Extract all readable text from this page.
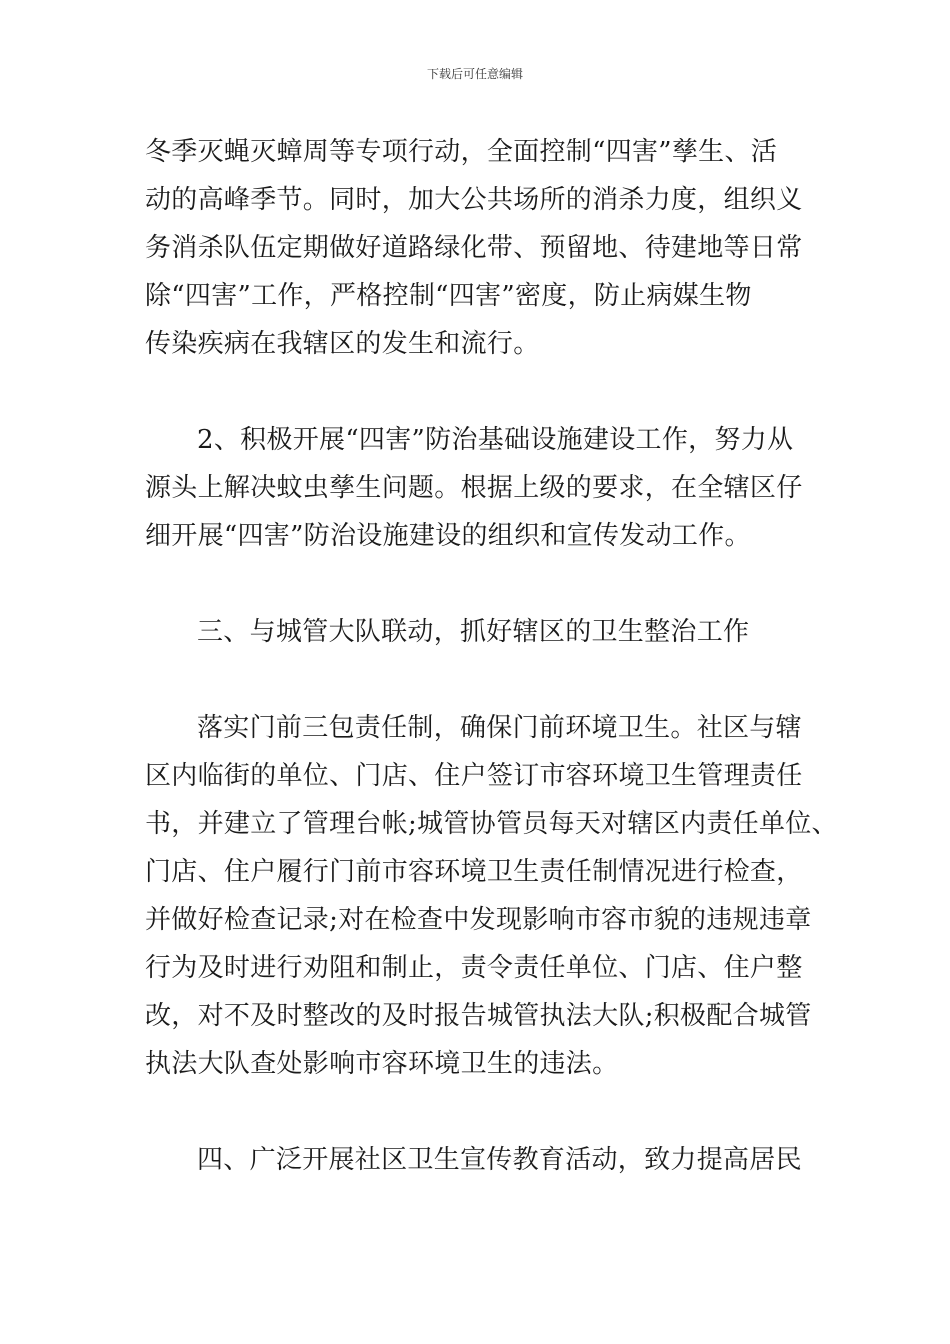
下载后可任意编辑
冬季灭蝇灭蟑周等专项行动，全面控制“四害”孳生、活
动的高峰季节。同时，加大公共场所的消杀力度，组织义
务消杀队伍定期做好道路绿化带、预留地、待建地等日常
除“四害”工作，严格控制“四害”密度，防止病媒生物
传染疾病在我辖区的发生和流行。
2、积极开展“四害”防治基础设施建设工作，努力从
源头上解决蚊虫孳生问题。根据上级的要求，在全辖区仔
细开展“四害”防治设施建设的组织和宣传发动工作。
三、与城管大队联动，抓好辖区的卫生整治工作
落实门前三包责任制，确保门前环境卫生。社区与辖
区内临街的单位、门店、住户签订市容环境卫生管理责任
书，并建立了管理台帐;城管协管员每天对辖区内责任单位、
门店、住户履行门前市容环境卫生责任制情况进行检查，
并做好检查记录;对在检查中发现影响市容市貌的违规违章
行为及时进行劝阻和制止，责令责任单位、门店、住户整
改，对不及时整改的及时报告城管执法大队;积极配合城管
执法大队查处影响市容环境卫生的违法。
四、广泛开展社区卫生宣传教育活动，致力提高居民
